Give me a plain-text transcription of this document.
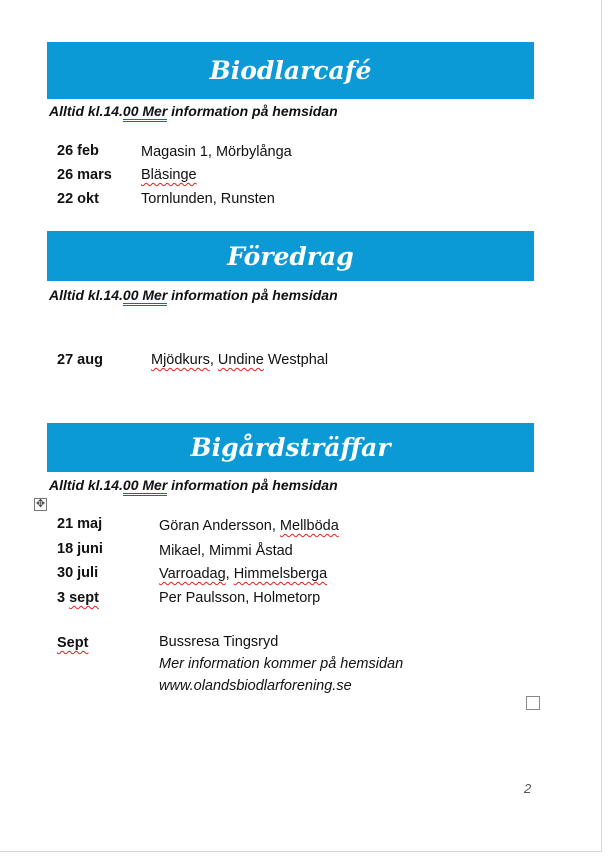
Biodlarcafé
Alltid kl.14.00 Mer information på hemsidan
26 feb	Magasin 1, Mörbylånga
26 mars Bläsinge
22 okt	Tornlunden, Runsten
Föredrag
Alltid kl.14.00 Mer information på hemsidan
27 aug	Mjödkurs, Undine Westphal
Bigårdsträffar
Alltid kl.14.00 Mer information på hemsidan
✥
21 maj	Göran Andersson, Mellböda
18 juni	Mikael, Mimmi Åstad
30 juli	Varroadag, Himmelsberga
3 sept	Per Paulsson, Holmetorp
Sept	Bussresa Tingsryd
Mer information kommer på hemsidan
www.olandsbiodlarforening.se
2
